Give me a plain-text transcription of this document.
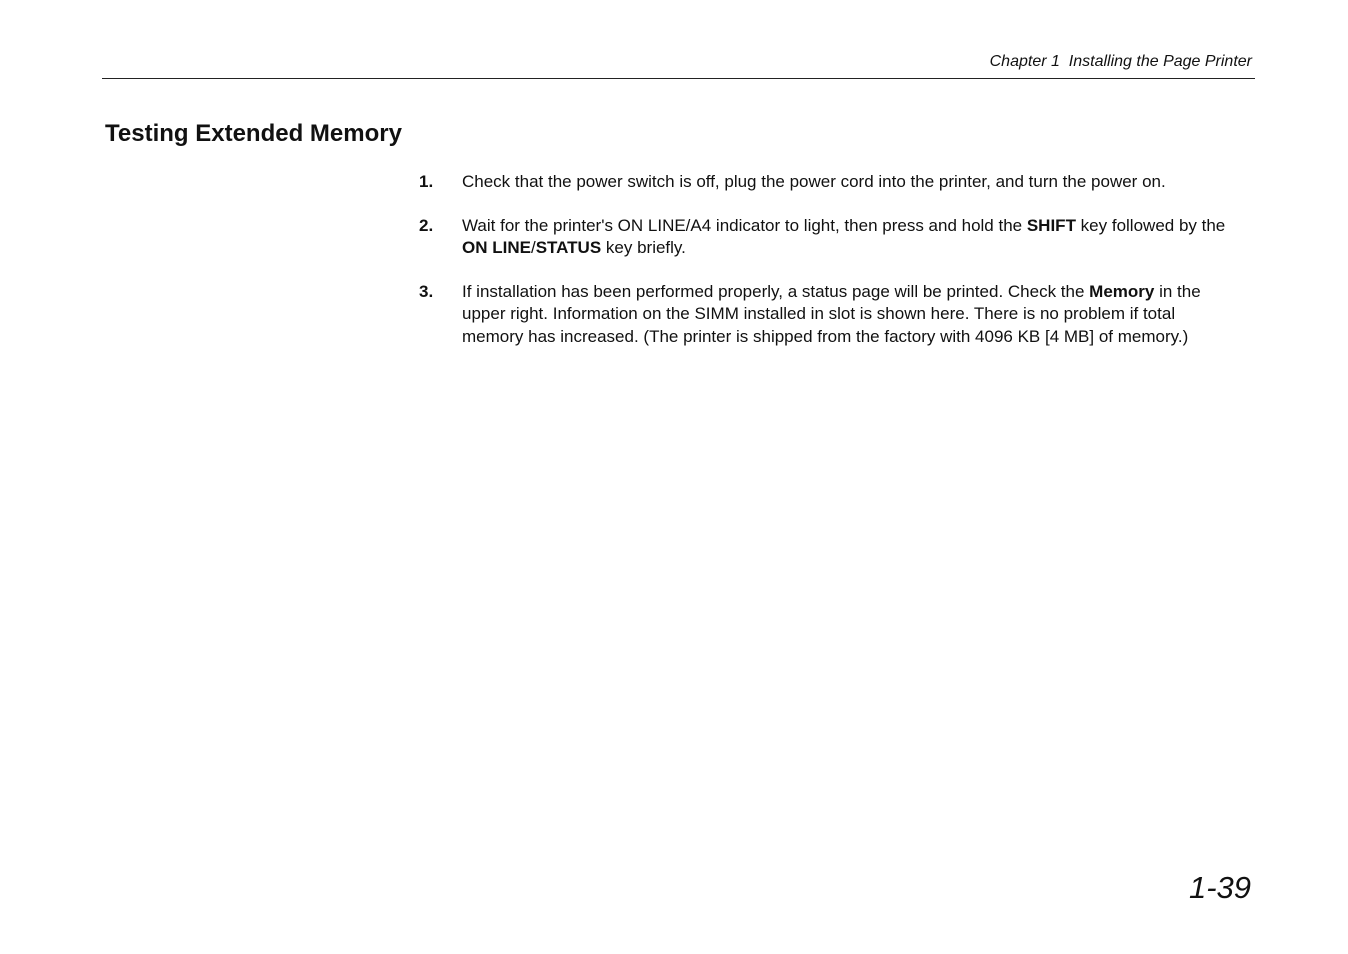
Chapter 1  Installing the Page Printer
Testing Extended Memory
1. Check that the power switch is off, plug the power cord into the printer, and turn the power on.
2. Wait for the printer's ON LINE/A4 indicator to light, then press and hold the SHIFT key followed by the ON LINE/STATUS key briefly.
3. If installation has been performed properly, a status page will be printed. Check the Memory in the upper right. Information on the SIMM installed in slot is shown here. There is no problem if total memory has increased. (The printer is shipped from the factory with 4096 KB [4 MB] of memory.)
1-39
